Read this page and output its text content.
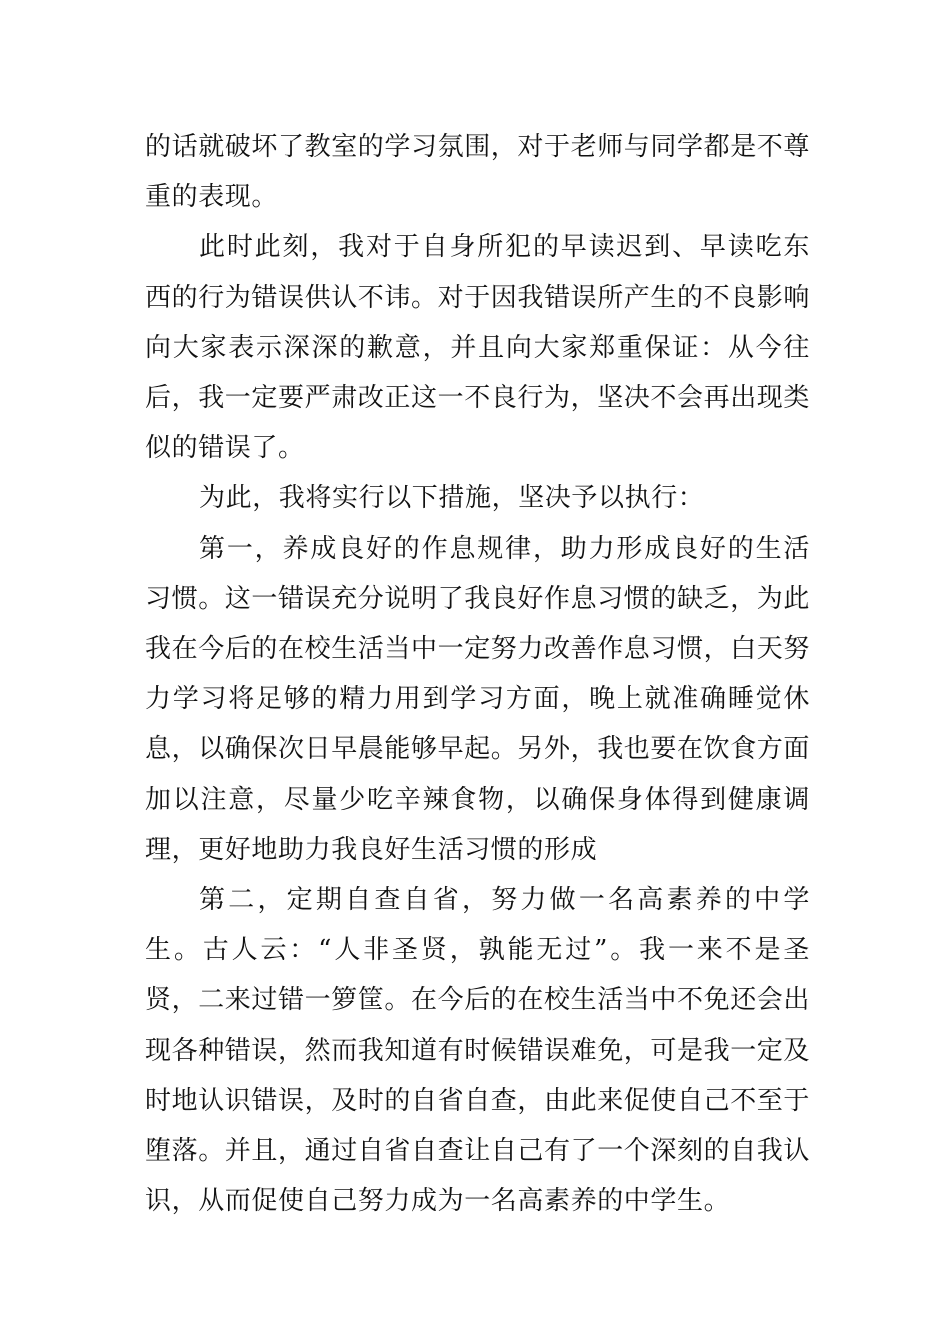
的话就破坏了教室的学习氛围，对于老师与同学都是不尊重的表现。

此时此刻，我对于自身所犯的早读迟到、早读吃东西的行为错误供认不讳。对于因我错误所产生的不良影响向大家表示深深的歉意，并且向大家郑重保证：从今往后，我一定要严肃改正这一不良行为，坚决不会再出现类似的错误了。

为此，我将实行以下措施，坚决予以执行：

第一，养成良好的作息规律，助力形成良好的生活习惯。这一错误充分说明了我良好作息习惯的缺乏，为此我在今后的在校生活当中一定努力改善作息习惯，白天努力学习将足够的精力用到学习方面，晚上就准确睡觉休息，以确保次日早晨能够早起。另外，我也要在饮食方面加以注意，尽量少吃辛辣食物，以确保身体得到健康调理，更好地助力我良好生活习惯的形成

第二，定期自查自省，努力做一名高素养的中学生。古人云：“人非圣贤，孰能无过”。我一来不是圣贤，二来过错一箩筐。在今后的在校生活当中不免还会出现各种错误，然而我知道有时候错误难免，可是我一定及时地认识错误，及时的自省自查，由此来促使自己不至于堕落。并且，通过自省自查让自己有了一个深刻的自我认识，从而促使自己努力成为一名高素养的中学生。
